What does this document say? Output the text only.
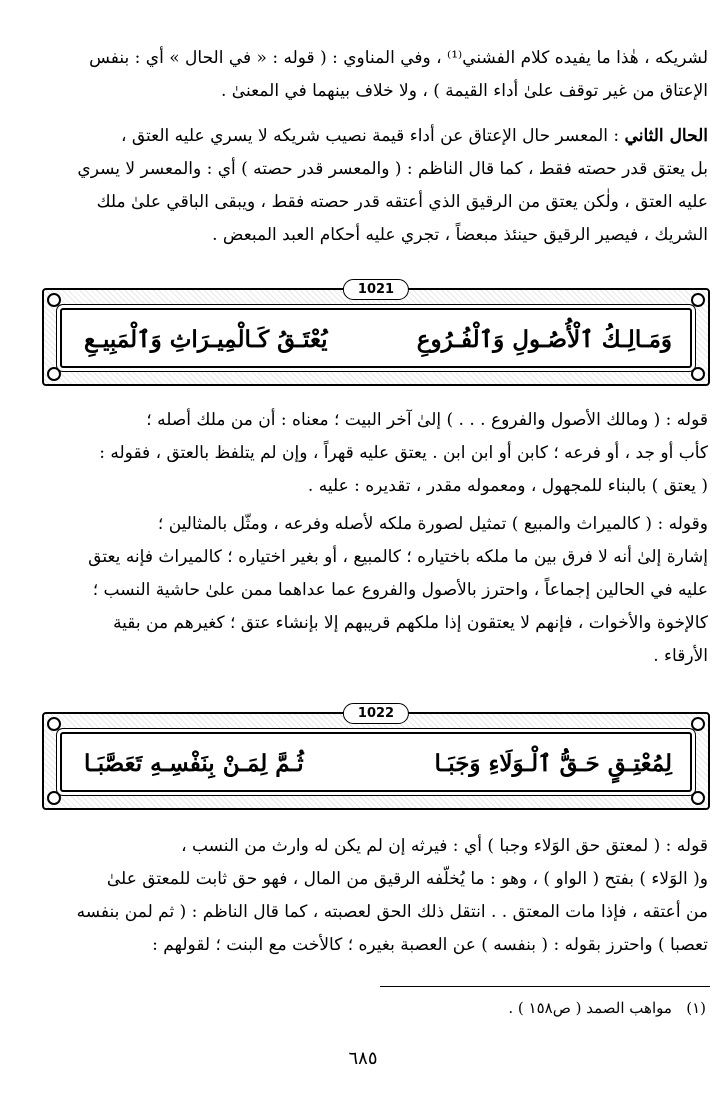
لشريكه ، هٰذا ما يفيده كلام الفشني⁽¹⁾ ، وفي المناوي : ( قوله : « في الحال » أي : بنفس

الإعتاق من غير توقف علىٰ أداء القيمة ) ، ولا خلاف بينهما في المعنىٰ .

الحال الثاني : المعسر حال الإعتاق عن أداء قيمة نصيب شريكه لا يسري عليه العتق ،

بل يعتق قدر حصته فقط ، كما قال الناظم : ( والمعسر قدر حصته ) أي : والمعسر لا يسري

عليه العتق ، ولٰكن يعتق من الرقيق الذي أعتقه قدر حصته فقط ، ويبقى الباقي علىٰ ملك

الشريك ، فيصير الرقيق حينئذ مبعضاً ، تجري عليه أحكام العبد المبعض .

1021
وَمَـالِـكُ ٱلْأُصُـولِ وَٱلْفُـرُوعِ
يُعْتَـقُ كَـالْمِيـرَاثِ وَٱلْمَبِيـعِ

قوله : ( ومالك الأصول والفروع . . . ) إلىٰ آخر البيت ؛ معناه : أن من ملك أصله ؛

كأب أو جد ، أو فرعه ؛ كابن أو ابن ابن . يعتق عليه قهراً ، وإن لم يتلفظ بالعتق ، فقوله :

( يعتق ) بالبناء للمجهول ، ومعموله مقدر ، تقديره : عليه .

وقوله : ( كالميراث والمبيع ) تمثيل لصورة ملكه لأصله وفرعه ، ومثّل بالمثالين ؛

إشارة إلىٰ أنه لا فرق بين ما ملكه باختياره ؛ كالمبيع ، أو بغير اختياره ؛ كالميراث فإنه يعتق

عليه في الحالين إجماعاً ، واحترز بالأصول والفروع عما عداهما ممن علىٰ حاشية النسب ؛

كالإخوة والأخوات ، فإنهم لا يعتقون إذا ملكهم قريبهم إلا بإنشاء عتق ؛ كغيرهم من بقية

الأرقاء .

1022
لِمُعْتِـقٍ حَـقُّ ٱلْـوَلَاءِ وَجَبَـا
ثُـمَّ لِمَـنْ بِنَفْسِـهِ تَعَصَّبَـا

قوله : ( لمعتق حق الوَلاء وجبا ) أي : فيرثه إن لم يكن له وارث من النسب ،

و( الوَلاء ) بفتح ( الواو ) ، وهو : ما يُخلّفه الرقيق من المال ، فهو حق ثابت للمعتق علىٰ

من أعتقه ، فإذا مات المعتق . . انتقل ذلك الحق لعصبته ، كما قال الناظم : ( ثم لمن بنفسه

تعصبا ) واحترز بقوله : ( بنفسه ) عن العصبة بغيره ؛ كالأخت مع البنت ؛ لقولهم :

(١)   مواهب الصمد ( ص١٥٨ ) .
٦٨٥
